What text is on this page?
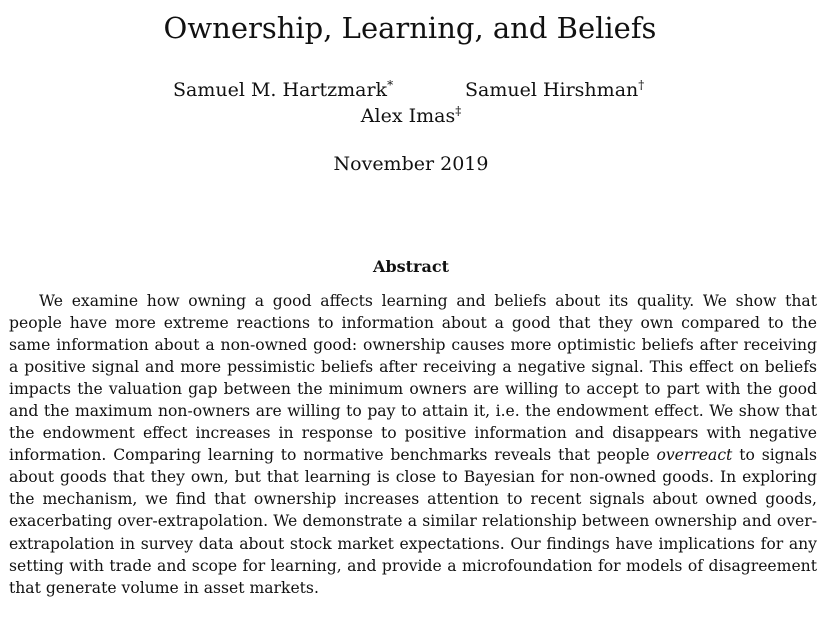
Ownership, Learning, and Beliefs
Samuel M. Hartzmark*	Samuel Hirshman†
Alex Imas‡
November 2019
Abstract

We examine how owning a good affects learning and beliefs about its quality. We show that people have more extreme reactions to information about a good that they own compared to the same information about a non-owned good: ownership causes more optimistic beliefs after receiving a positive signal and more pessimistic beliefs after receiving a negative signal. This effect on beliefs impacts the valuation gap between the minimum owners are willing to accept to part with the good and the maximum non-owners are willing to pay to attain it, i.e. the endowment effect. We show that the endowment effect increases in response to positive information and disappears with negative information. Comparing learning to normative benchmarks reveals that people overreact to signals about goods that they own, but that learning is close to Bayesian for non-owned goods. In exploring the mechanism, we find that ownership increases attention to recent signals about owned goods, exacerbating over-extrapolation. We demonstrate a similar relationship between ownership and over-extrapolation in survey data about stock market expectations. Our findings have implications for any setting with trade and scope for learning, and provide a microfoundation for models of disagreement that generate volume in asset markets.
